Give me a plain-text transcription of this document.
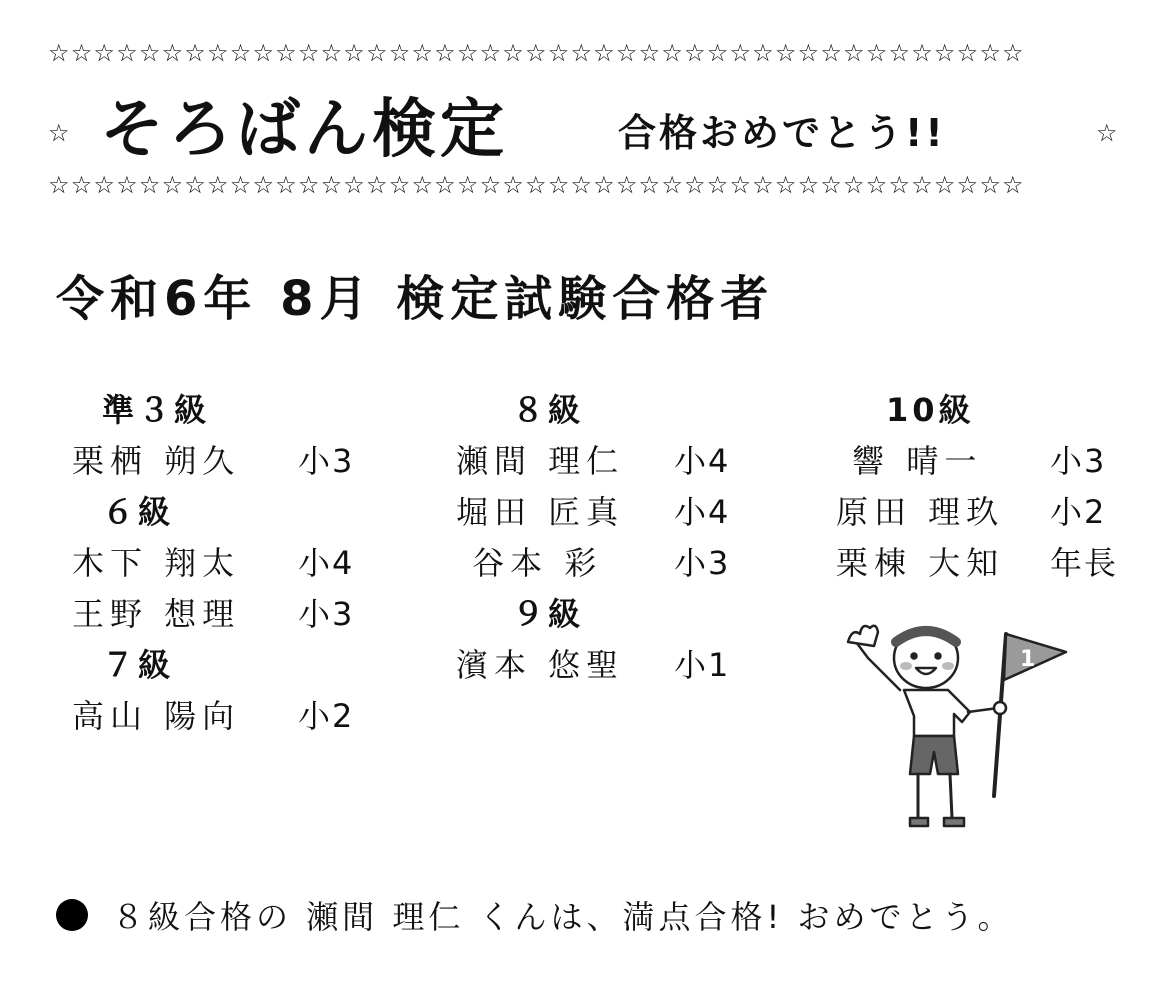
☆☆☆☆☆☆☆☆☆☆☆☆☆☆☆☆☆☆☆☆☆☆☆☆☆☆☆☆☆☆☆☆☆☆☆☆☆☆☆☆☆☆☆
☆ そろばん検定	合格おめでとう!!	☆
☆☆☆☆☆☆☆☆☆☆☆☆☆☆☆☆☆☆☆☆☆☆☆☆☆☆☆☆☆☆☆☆☆☆☆☆☆☆☆☆☆☆☆
令和6年 8月 検定試験合格者
準３級
栗栖 朔久 小3
６級
木下 翔太 小4
王野 想理 小3
７級
高山 陽向 小2
８級
瀬間 理仁 小4
堀田 匠真 小4
谷本 彩 小3
９級
濱本 悠聖 小1
10級
響 晴一 小3
原田 理玖 小2
栗棟 大知 年長
1
８級合格の 瀬間 理仁 くんは、満点合格! おめでとう。
